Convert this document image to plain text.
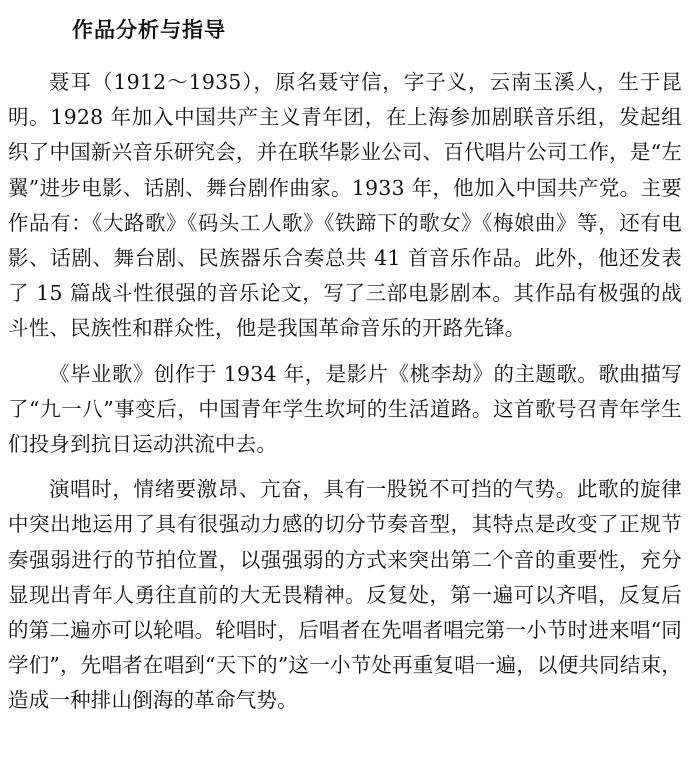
作品分析与指导

聂耳（1912～1935），原名聂守信，字子义，云南玉溪人，生于昆明。1928 年加入中国共产主义青年团，在上海参加剧联音乐组，发起组织了中国新兴音乐研究会，并在联华影业公司、百代唱片公司工作，是“左翼”进步电影、话剧、舞台剧作曲家。1933 年，他加入中国共产党。主要作品有：《大路歌》《码头工人歌》《铁蹄下的歌女》《梅娘曲》等，还有电影、话剧、舞台剧、民族器乐合奏总共 41 首音乐作品。此外，他还发表了 15 篇战斗性很强的音乐论文，写了三部电影剧本。其作品有极强的战斗性、民族性和群众性，他是我国革命音乐的开路先锋。

《毕业歌》创作于 1934 年，是影片《桃李劫》的主题歌。歌曲描写了“九一八”事变后，中国青年学生坎坷的生活道路。这首歌号召青年学生们投身到抗日运动洪流中去。

演唱时，情绪要激昂、亢奋，具有一股锐不可挡的气势。此歌的旋律中突出地运用了具有很强动力感的切分节奏音型，其特点是改变了正规节奏强弱进行的节拍位置，以强强弱的方式来突出第二个音的重要性，充分显现出青年人勇往直前的大无畏精神。反复处，第一遍可以齐唱，反复后的第二遍亦可以轮唱。轮唱时，后唱者在先唱者唱完第一小节时进来唱“同学们”，先唱者在唱到“天下的”这一小节处再重复唱一遍，以便共同结束，造成一种排山倒海的革命气势。
